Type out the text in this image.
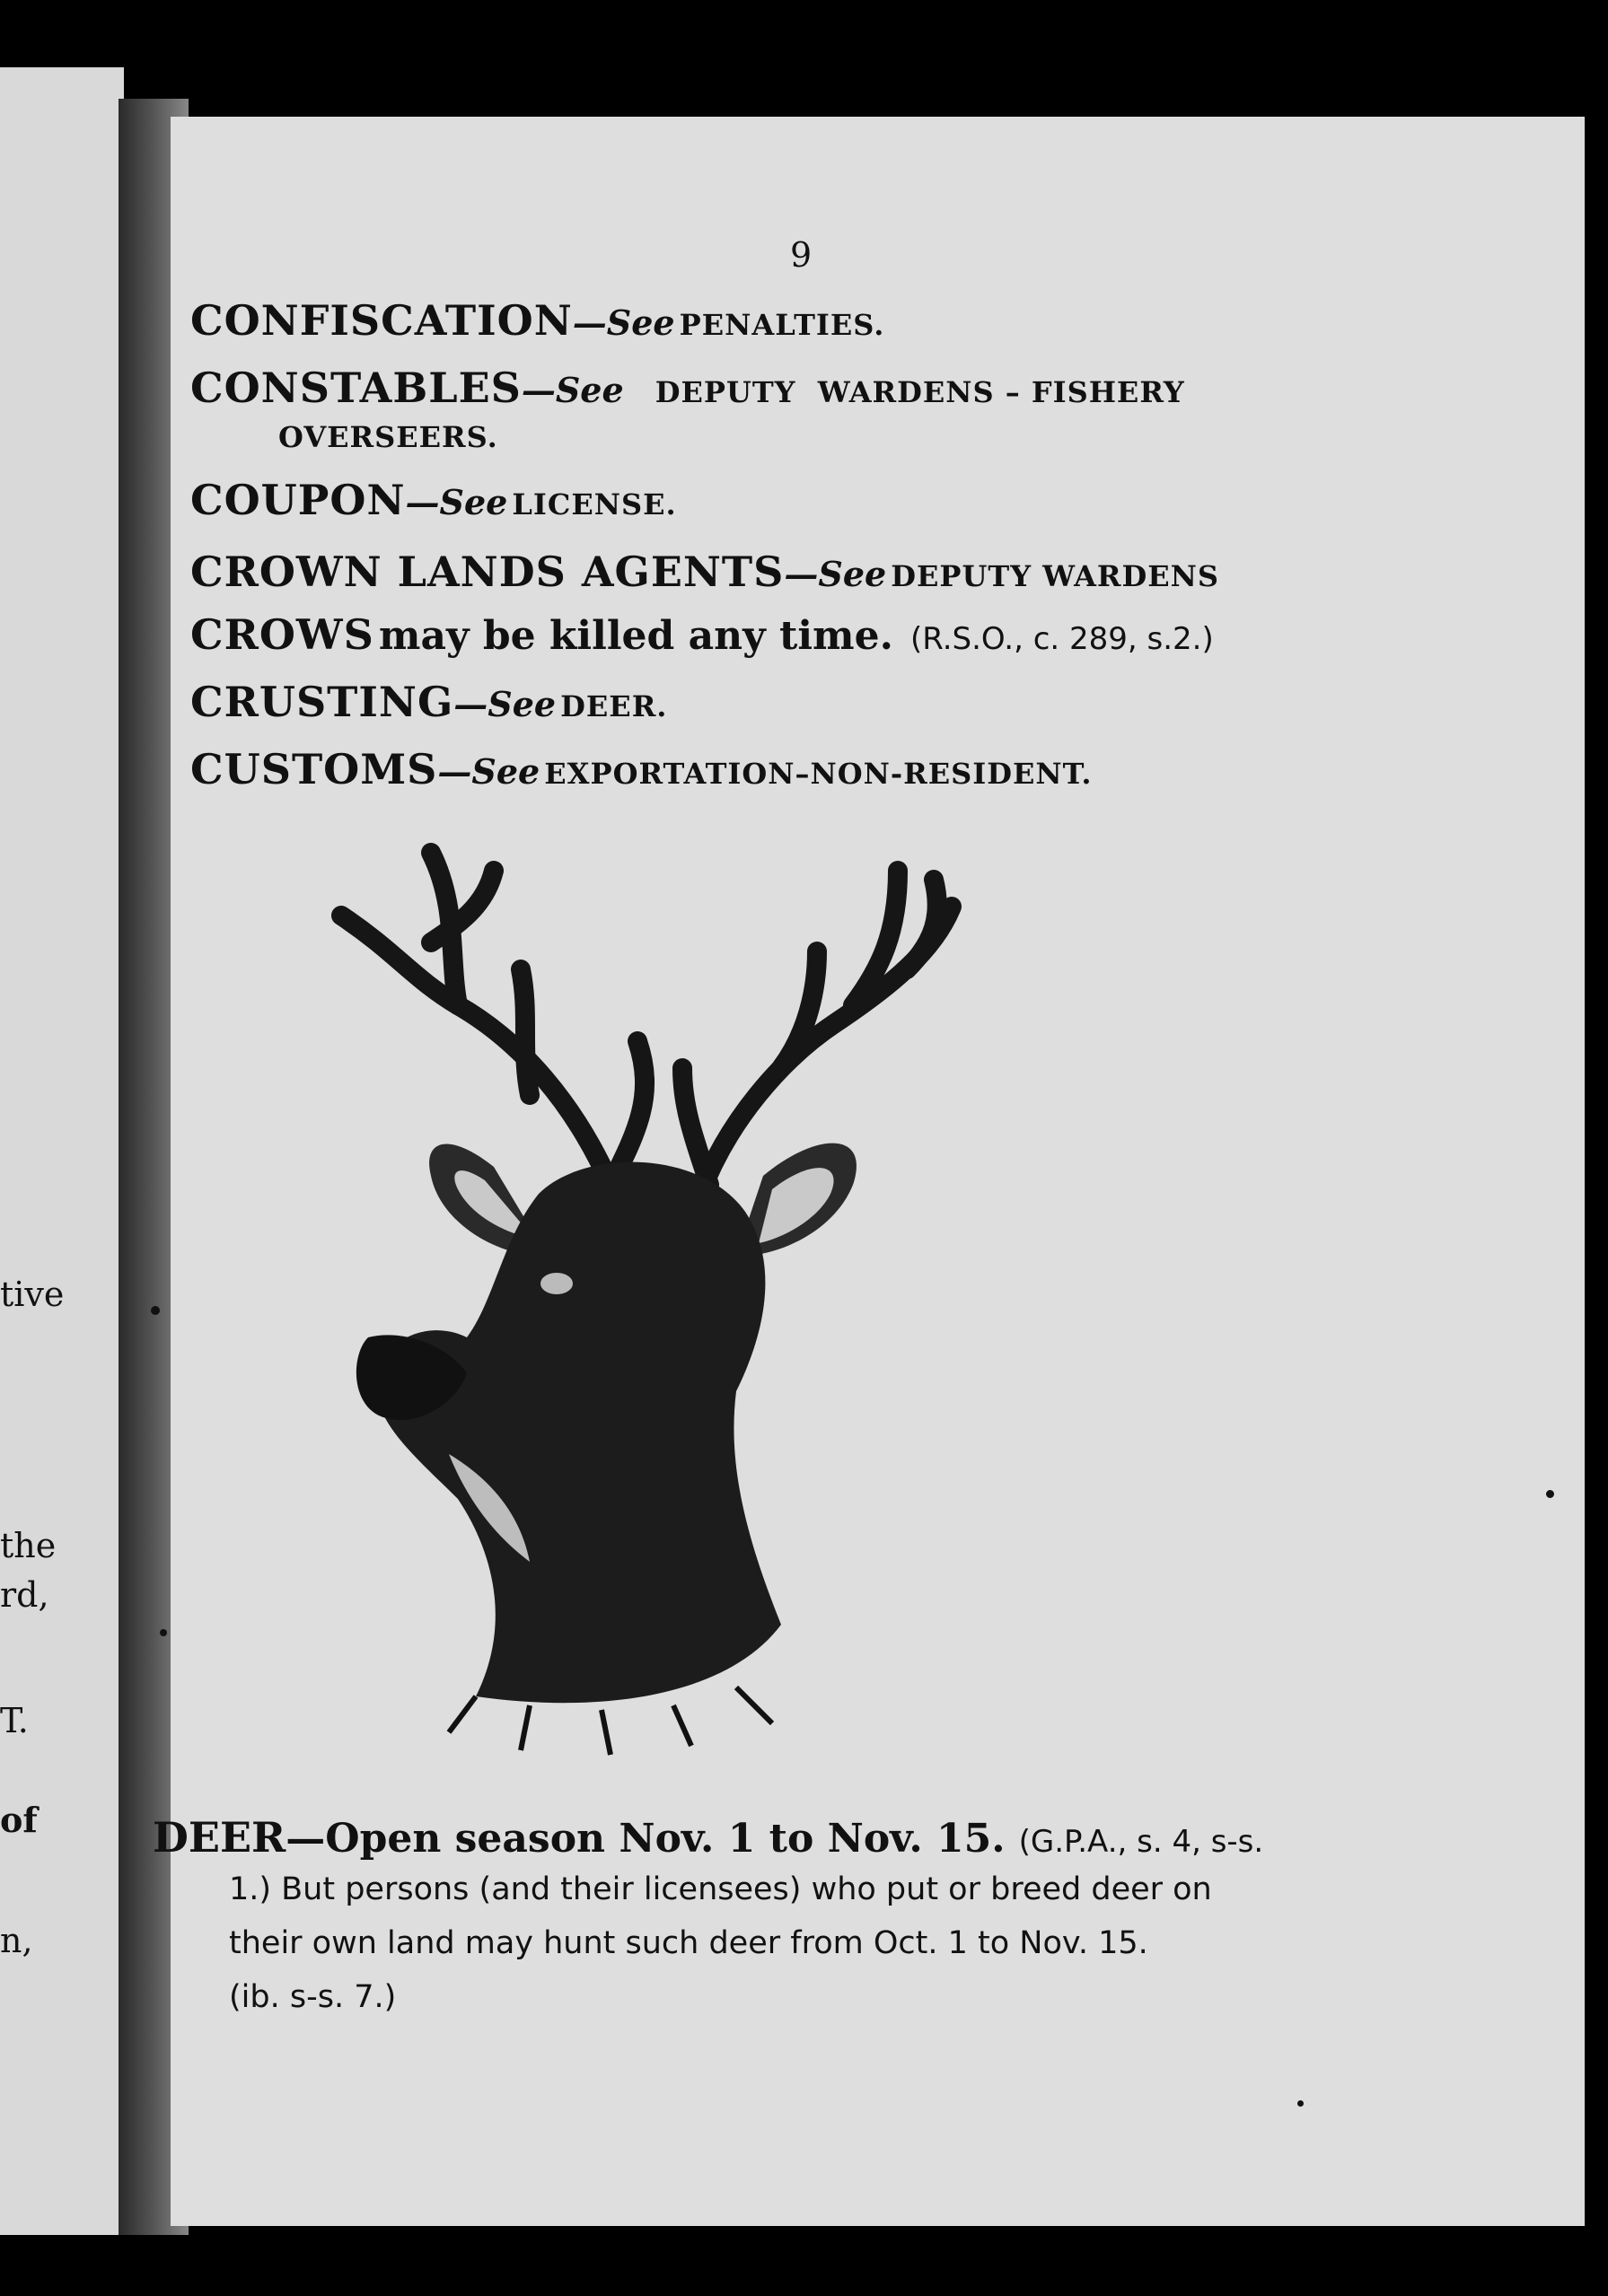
tive
the
rd,
T.
of
n,
9
CONFISCATION—See PENALTIES.
CONSTABLES—See DEPUTY  WARDENS – FISHERY
OVERSEERS.
COUPON—See LICENSE.
CROWN LANDS AGENTS—See DEPUTY WARDENS
CROWS may be killed any time. (R.S.O., c. 289, s.2.)
CRUSTING—See DEER.
CUSTOMS—See EXPORTATION–NON-RESIDENT.
DEER—Open season Nov. 1 to Nov. 15. (G.P.A., s. 4, s-s.
1.) But persons (and their licensees) who put or breed deer on
their own land may hunt such deer from Oct. 1 to Nov. 15.
(ib. s-s. 7.)
